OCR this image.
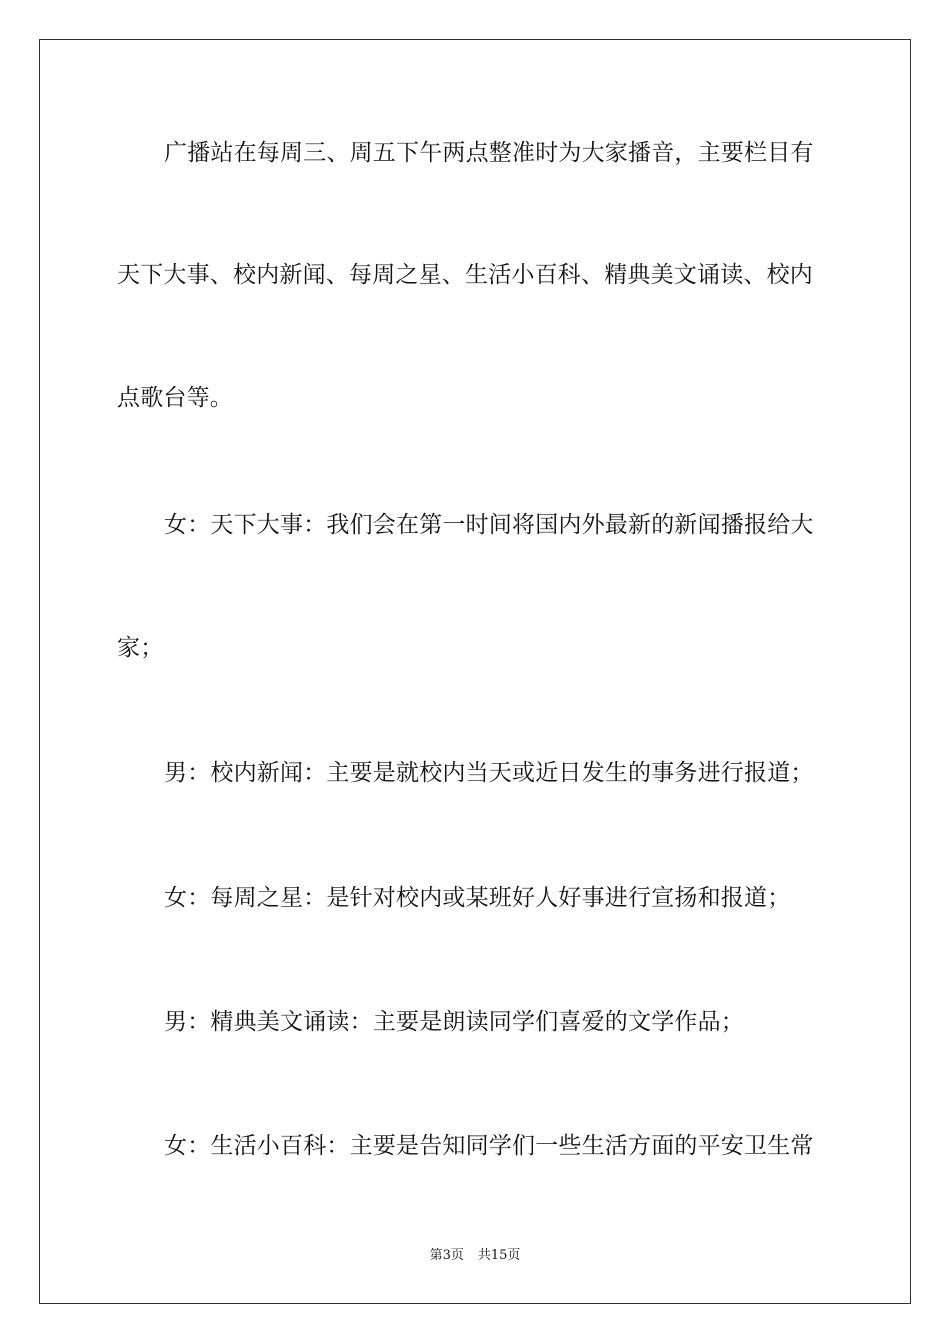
广播站在每周三、周五下午两点整准时为大家播音，主要栏目有
天下大事、校内新闻、每周之星、生活小百科、精典美文诵读、校内
点歌台等。
女：天下大事：我们会在第一时间将国内外最新的新闻播报给大
家；
男：校内新闻：主要是就校内当天或近日发生的事务进行报道；
女：每周之星：是针对校内或某班好人好事进行宣扬和报道；
男：精典美文诵读：主要是朗读同学们喜爱的文学作品；
女：生活小百科：主要是告知同学们一些生活方面的平安卫生常
第3页 共15页
